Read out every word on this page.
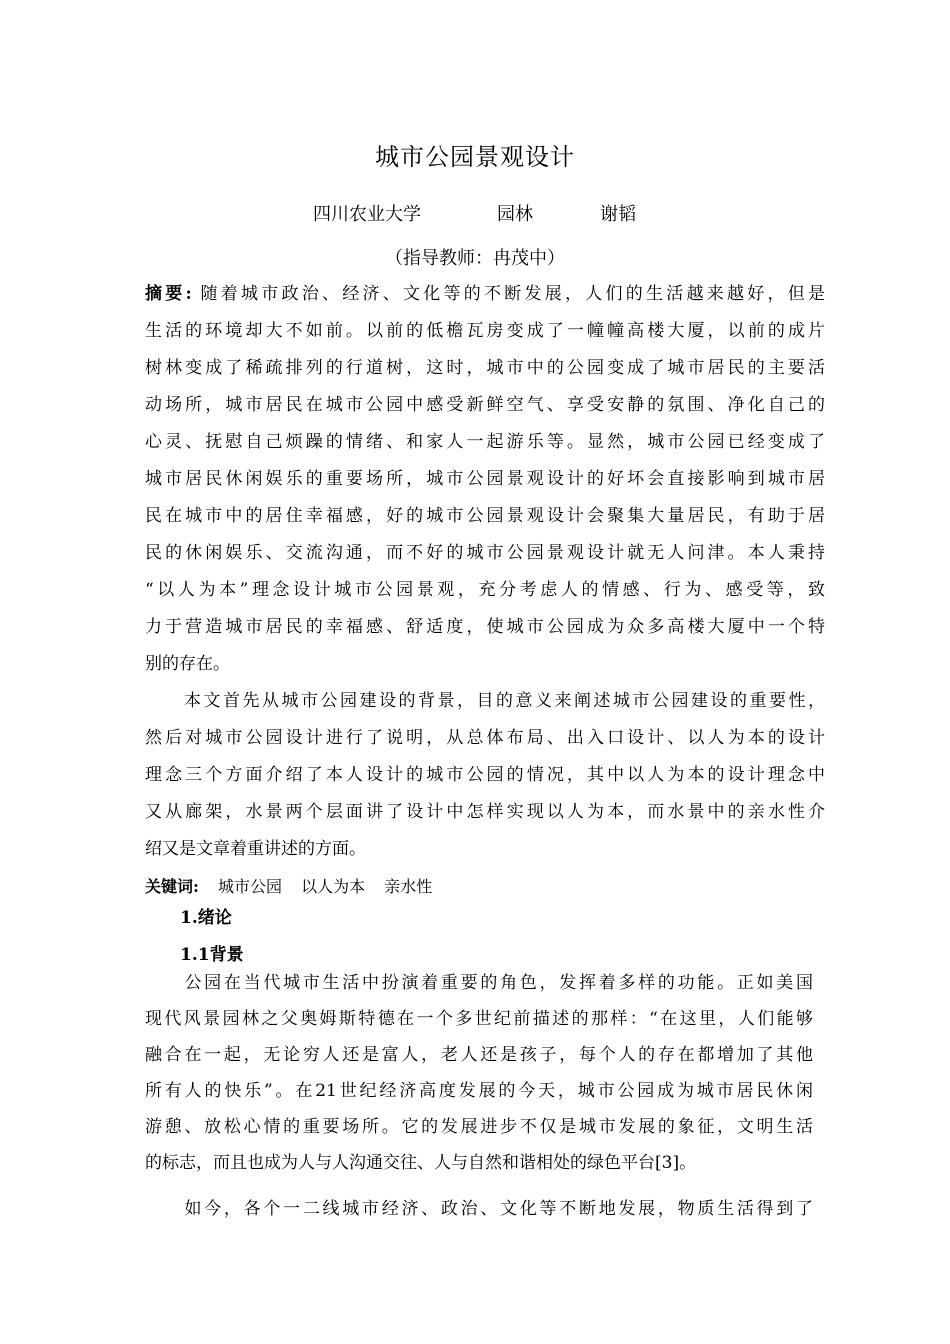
城市公园景观设计
四川农业大学	园林	谢韬
（指导教师：冉茂中）
摘要: 随着城市政治、经济、文化等的不断发展，人们的生活越来越好，但是
生活的环境却大不如前。以前的低檐瓦房变成了一幢幢高楼大厦，以前的成片
树林变成了稀疏排列的行道树，这时，城市中的公园变成了城市居民的主要活
动场所，城市居民在城市公园中感受新鲜空气、享受安静的氛围、净化自己的
心灵、抚慰自己烦躁的情绪、和家人一起游乐等。显然，城市公园已经变成了
城市居民休闲娱乐的重要场所，城市公园景观设计的好坏会直接影响到城市居
民在城市中的居住幸福感，好的城市公园景观设计会聚集大量居民，有助于居
民的休闲娱乐、交流沟通，而不好的城市公园景观设计就无人问津。本人秉持
“以人为本”理念设计城市公园景观，充分考虑人的情感、行为、感受等，致
力于营造城市居民的幸福感、舒适度，使城市公园成为众多高楼大厦中一个特
别的存在。
　　本文首先从城市公园建设的背景，目的意义来阐述城市公园建设的重要性，
然后对城市公园设计进行了说明，从总体布局、出入口设计、以人为本的设计
理念三个方面介绍了本人设计的城市公园的情况，其中以人为本的设计理念中
又从廊架，水景两个层面讲了设计中怎样实现以人为本，而水景中的亲水性介
绍又是文章着重讲述的方面。
关键词: 城市公园 以人为本 亲水性
1.绪论
1.1背景
　　公园在当代城市生活中扮演着重要的角色，发挥着多样的功能。正如美国
现代风景园林之父奥姆斯特德在一个多世纪前描述的那样：“在这里，人们能够
融合在一起，无论穷人还是富人，老人还是孩子，每个人的存在都增加了其他
所有人的快乐”。在21世纪经济高度发展的今天，城市公园成为城市居民休闲
游憩、放松心情的重要场所。它的发展进步不仅是城市发展的象征，文明生活
的标志，而且也成为人与人沟通交往、人与自然和谐相处的绿色平台[3]。
　　如今，各个一二线城市经济、政治、文化等不断地发展，物质生活得到了
